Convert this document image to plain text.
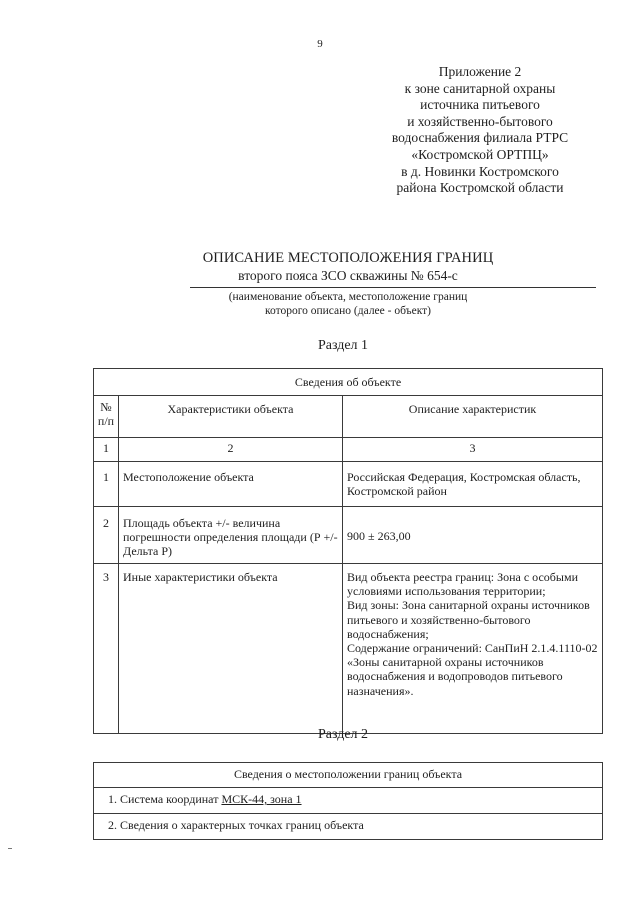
9
Приложение 2
к зоне санитарной охраны
источника питьевого
и хозяйственно-бытового
водоснабжения филиала РТРС
«Костромской ОРТПЦ»
в д. Новинки Костромского
района Костромской области
ОПИСАНИЕ МЕСТОПОЛОЖЕНИЯ ГРАНИЦ
второго пояса ЗСО скважины № 654-с
(наименование объекта, местоположение границ
которого описано (далее - объект)
Раздел 1
Сведения об объекте		
№ п/п	Характеристики объекта	Описание характеристик
1	2	3
1	Местоположение объекта	Российская Федерация, Костромская область, Костромской район
2	Площадь объекта +/- величина погрешности определения площади (Р +/- Дельта Р)	900 ± 263,00
3	Иные характеристики объекта	Вид объекта реестра границ: Зона с особыми условиями использования территории;
Вид зоны: Зона санитарной охраны источников питьевого и хозяйственно-бытового водоснабжения;
Содержание ограничений: СанПиН 2.1.4.1110-02 «Зоны санитарной охраны источников водоснабжения и водопроводов питьевого назначения».
Раздел 2
Сведения о местоположении границ объекта
1. Система координат МСК-44, зона 1
2. Сведения о характерных точках границ объекта
